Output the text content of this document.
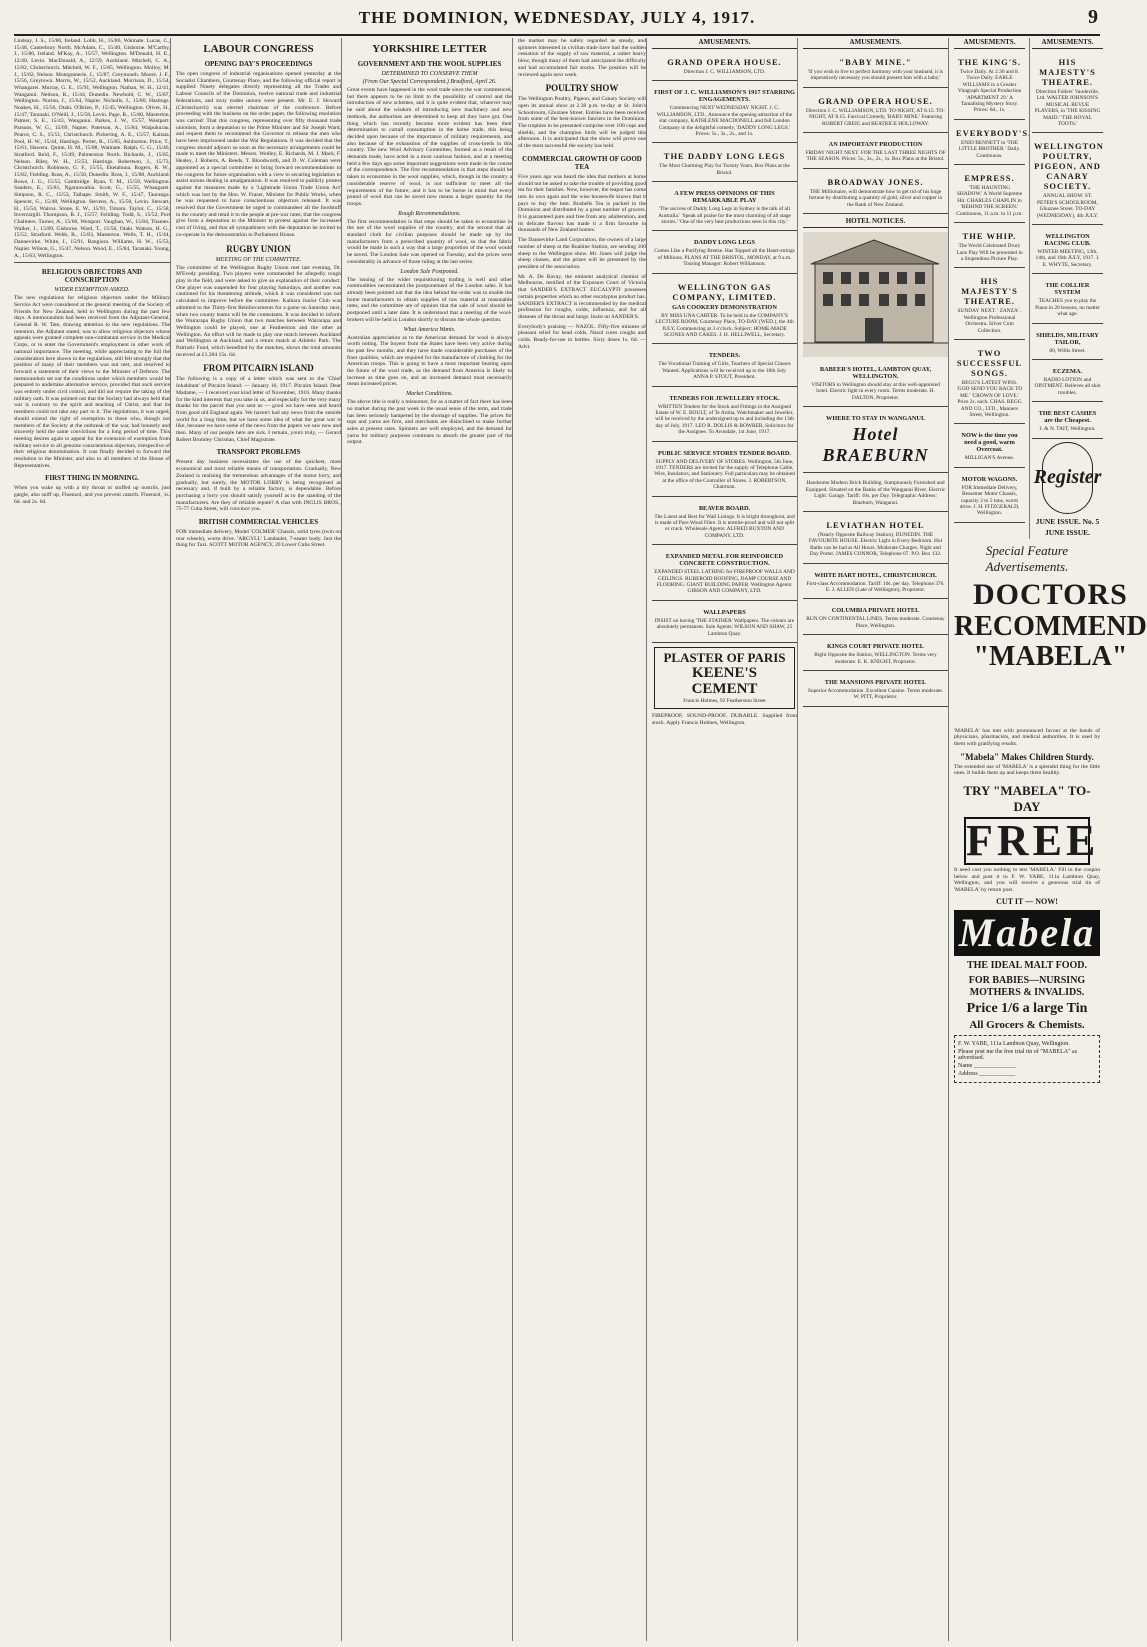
THE DOMINION, WEDNESDAY, JULY 4, 1917.	9

Lindsay, J. S., 15/80, Ireland. Lobb, H., 15/86, Waimate. Lucas, C., 15/48, Canterbury North. McAdam, C., 15/40, Gisborne. M'Carthy, J., 15/86, Ireland. M'Kay, A., 15/57, Wellington. M'Donald, H. E., 12/40, Levin. MacDonald, A., 12/59, Auckland. Mitchell, C. A., 15/82, Christchurch. Mitchell, W. F., 15/85, Wellington. Molloy, M. J., 15/62, Nelson. Montgomerie, J., 15/87, Greymouth. Moore, J. F., 15/56, Greytown. Morris, W., 15/52, Auckland. Morrison, D., 15/54, Whangarei. Murray, G. E., 15/91, Wellington. Nathan, W. H., 12/41, Wanganui. Neilson, R., 15/44, Dunedin. Newbold, C. W., 15/87, Wellington. Norton, J., 15/64, Napier. Nicholls, J., 15/80, Hastings. Noakes, H., 15/56, Otaki. O'Brien, P., 15/45, Wellington. Oliver, H., 15/47, Taranaki. O'Neill, J., 15/58, Levin. Page, R., 15/60, Masterton. Palmer, S. E., 15/43, Wanganui. Parkes, J. W., 15/57, Westport. Parsons, W. G., 15/69, Napier. Paterson, A., 15/84, Waipukurau. Pearce, C. S., 15/51, Christchurch. Pickering, A. E., 15/57, Kaitaia. Pool, H. W., 15/44, Hastings. Porter, R., 15/65, Ashburton. Price, T., 15/61, Hawera. Quinn, H. M., 15/88, Waimate. Ralph, C. G., 15/46, Stratford. Reid, F., 15/49, Palmerston North. Richards, J., 15/85, Nelson. Riley, W. H., 15/53, Hastings. Robertson, J., 15/73, Christchurch. Robinson, G. F., 15/55, Eketahuna. Rogers, R. W., 15/82, Fielding. Ross, A., 15/50, Dunedin. Ross, J., 15/88, Auckland. Rowe, J. G., 15/55, Cambridge. Ryan, T. M., 15/59, Wellington. Sanders, E., 15/81, Ngaruawahia. Scott, G., 15/55, Whangarei. Simpson, R. C., 15/53, Taihape. Smith, W. F., 15/47, Tauranga. Spencer, G., 15/48, Wellington. Stevens, A., 15/50, Levin. Stewart, H., 15/54, Wairoa. Stone, E. W., 15/91, Timaru. Taylor, C., 15/58, Invercargill. Thompson, R. J., 15/57, Feilding. Todd, S., 15/52, Port Chalmers. Turner, A., 15/60, Westport. Vaughan, W., 15/84, Thames. Walker, J., 15/89, Gisborne. Ward, T., 15/56, Otaki. Watson, H. G., 15/52, Stratford. Webb, R., 15/83, Masterton. Wells, T. H., 15/44, Dannevirke. White, J., 15/91, Rangiora. Williams, H. W., 15/53, Napier. Wilson, G., 15/47, Nelson. Wood, E., 15/84, Taranaki. Young, A., 15/63, Wellington.

RELIGIOUS OBJECTORS AND CONSCRIPTION
WIDER EXEMPTION ASKED.

The new regulations for religious objectors under the Military Service Act were considered at the general meeting of the Society of Friends for New Zealand, held in Wellington during the past few days. A memorandum had been received from the Adjutant-General, General R. W. Tate, drawing attention to the new regulations. The intention, the Adjutant stated, was to allow religious objectors whose appeals were granted complete non-combatant service in the Medical Corps, or to enter the Government's employment in other work of national importance. The meeting, while appreciating to the full the consideration here shown in the regulations, still felt strongly that the position of many of their members was not met, and resolved to forward a statement of their views to the Minister of Defence. The memorandum set out the conditions under which members would be prepared to undertake alternative service, provided that such service was entirely under civil control, and did not require the taking of the military oath. It was pointed out that the Society had always held that war is contrary to the spirit and teaching of Christ, and that its members could not take any part in it. The regulations, it was urged, should extend the right of exemption to those who, though not members of the Society at the outbreak of the war, had honestly and sincerely held the same convictions for a long period of time. This meeting desires again to appeal for the extension of exemption from military service to all genuine conscientious objectors, irrespective of their religious denomination. It was finally decided to forward the resolution to the Minister, and also to all members of the House of Representatives.

FIRST THING IN MORNING.

When you wake up with a dry throat or stuffed up nostrils, just gargle, also sniff up, Fluenzol, and you prevent catarrh. Fluenzol, 1s. 6d. and 2s. 6d.

LABOUR CONGRESS
OPENING DAY'S PROCEEDINGS

The open congress of industrial organisations opened yesterday at the Socialist Chambers, Courtenay Place, and the following official report is supplied: Ninety delegates directly representing all the Trades and Labour Councils of the Dominion, twelve national trade and industrial federations, and sixty trades unions were present. Mr. E. J. Howard (Christchurch) was elected chairman of the conference. Before proceeding with the business on the order paper, the following resolution was carried: That this congress, representing over fifty thousand trade unionists, form a deputation to the Prime Minister and Sir Joseph Ward, and request them to recommend the Governor to release the men who have been imprisoned under the War Regulations. It was decided that the congress should adjourn so soon as the necessary arrangements could be made to meet the Ministers. Messrs. Wedley, E. Richards, M. J. Mack, F. Healey, J. Roberts, A. Reeds, T. Bloodworth, and D. W. Coleman were appointed as a special committee to bring forward recommendations to the congress for future organisation with a view to securing legislation to assist unions dealing in amalgamation. It was resolved to publicly protest against the measures made by a 'Lighttrade Union Trade Union Act' which was lost by the Hon. W. Fraser, Minister for Public Works, when he was requested to have conscientious objectors released. It was resolved that the Government be urged to commandeer all the foodstuff in the country and retail it to the people at pre-war rates; that the congress give form a deputation to the Minister to protest against the increased cost of living, and that all sympathisers with the deputation be invited to co-operate in the demonstration to Parliament House.

RUGBY UNION
MEETING OF THE COMMITTEE.

The committee of the Wellington Rugby Union met last evening, Dr. M'Evedy presiding. Two players were commended for allegedly rough play in the field, and were asked to give an explanation of their conduct. One player was suspended for four playing Saturdays, and another was cautioned for his threatening attitude, which it was considered was not calculated to improve before the committee. Kaihara Junior Club was admitted to the Thirty-first Reinforcements for a game on Saturday next, when two county teams will be the contestants. It was decided to inform the Wairarapa Rugby Union that two matches between Wairarapa and Wellington could be played, one at Featherston and the other at Wellington. An effort will be made to play one match between Auckland and Wellington at Auckland, and a return match at Athletic Park. The Patriotic Fund, which benefited by the matches, shows the total amounts received at £1,304 15s. 6d.

FROM PITCAIRN ISLAND

The following is a copy of a letter which was sent to the 'Chief Inhabitant' of Pitcairn Island: — January 16, 1917. Pitcairn Island. Dear Madame, — I received your kind letter of November, 1916. Many thanks for the kind interests that you take in us, and especially for the very many thanks for the parcel that you sent us — good we have seen and heard from good old England again. We haven't had any news from the outside world for a long time, but we have some idea of what the great war is like, because we have some of the news from the papers we saw now and then. Many of our people here are sick. I remain, yours truly, — Gerard Robert Bromley Christian, Chief Magistrate.

TRANSPORT PROBLEMS

Present day business necessitates the use of the quickest, most economical and most reliable means of transportation. Gradually, New Zealand is realising the tremendous advantages of the motor lorry, and gradually, but surely, the MOTOR LORRY is being recognised as necessary and, if built by a reliable factory, is dependable. Before purchasing a lorry you should satisfy yourself as to the standing of the manufacturers. Are they of reliable repute? A chat with INGLIS BROS., 75-77 Cuba Street, will convince you.

BRITISH COMMERCIAL VEHICLES

FOR immediate delivery, Model 'COLMER' Chassis, solid tyres (twin on rear wheels), worm drive. 'ARGYLL' Landaulet, 7-seater body. Just the thing for Taxi. SCOTT MOTOR AGENCY, 20 Lower Cuba Street.

YORKSHIRE LETTER
GOVERNMENT AND THE WOOL SUPPLIES
DETERMINED TO CONSERVE THEM
(From Our Special Correspondent.) Bradford, April 26.

Great events have happened in the wool trade since the war commenced, but there appears to be no limit to the possibility of control and the introduction of new schemes, and it is quite evident that, whatever may be said about the wisdom of introducing new machinery and new methods, the authorities are determined to keep all they have got. One thing which has recently become more evident has been their determination to curtail consumption in the home trade, this being decided upon because of the importance of military requirements, and also because of the exhaustion of the supplies of cross-breds in this country. The new Wool Advisory Committee, formed as a result of the demands made, have acted in a most cautious fashion, and at a meeting held a few days ago some important suggestions were made in the course of the correspondence. The first recommendation is that steps should be taken to economise in the wool supplies, which, though in the country a considerable reserve of wool, is not sufficient to meet all the requirements of the future; and it has to be borne in mind that every pound of wool that can be saved now means a larger quantity for the troops.

Rough Recommendations.

The first recommendation is that steps should be taken to economise in the use of the wool supplies of the country, and the second that all standard cloth for civilian purposes should be made up by the manufacturers from a prescribed quantity of wool, so that the fabric would be made in such a way that a large proportion of the wool would be saved. The London Sale was opened on Tuesday, and the prices were considerably in advance of those ruling at the last series.

London Sale Postponed.

The issuing of the wider requisitioning trading is well and other commodities necessitated the postponement of the London sales. It has already been pointed out that the idea behind the order was to enable the home manufacturers to obtain supplies of raw material at reasonable rates, and the committee are of opinion that the sale of wool should be postponed until a later date. It is understood that a meeting of the wool-brokers will be held in London shortly to discuss the whole question.

What America Wants.

Australian appreciation as to the American demand for wool is always worth noting. The buyers from the States have been very active during the past few months, and they have made considerable purchases of the finer qualities, which are required for the manufacture of clothing for the American troops. This is going to have a most important bearing upon the future of the wool trade, as the demand from America is likely to increase as time goes on, and an increased demand must necessarily mean increased prices.

Market Conditions.

The above title is really a misnomer, for as a matter of fact there has been no market during the past week in the usual sense of the term, and trade has been seriously hampered by the shortage of supplies. The prices for tops and yarns are firm, and merchants are disinclined to make further sales at present rates. Spinners are well employed, and the demand for yarns for military purposes continues to absorb the greater part of the output.

the market may be safely regarded as steady, and spinners interested in civilian trade have had the sudden cessation of the supply of raw material, a rather heavy blow, though many of them had anticipated the difficulty and had accumulated fair stocks. The position will be reviewed again next week.

POULTRY SHOW

The Wellington Poultry, Pigeon, and Canary Society will open its annual show at 2.30 p.m. to-day at St. John's Schoolroom, Ghuznee Street. Entries have been received from some of the best-known fanciers in the Dominion. The trophies to be presented comprise over 100 cups and shields, and the champion birds will be judged this afternoon. It is anticipated that the show will prove one of the most successful the society has held.

COMMERCIAL GROWTH OF GOOD TEA

Five years ago was heard the idea that mothers at home should not be asked to take the trouble of providing good tea for their families. Now, however, the teapot has come into its own again and the wise housewife knows that it pays to buy the best. Bushells Tea is packed in the Dominion and distributed by a great number of grocers. It is guaranteed pure and free from any adulteration, and its delicate flavour has made it a firm favourite in thousands of New Zealand homes.

The Dannevirke Land Corporation, the owners of a large number of sheep at the Ruahine Station, are sending 100 sheep to the Wellington show. Mr. Jones will judge the sheep classes, and the prizes will be presented by the president of the association.

Mr. A. De Bavay, the eminent analytical chemist of Melbourne, testified of the Exposure Court of Victoria that SANDER'S EXTRACT EUCALYPTI possesses certain properties which no other eucalyptus product has. SANDER'S EXTRACT is recommended by the medical profession for coughs, colds, influenza, and for all diseases of the throat and lungs. Insist on SANDER'S.

Everybody's praising — NAZOL. Fifty-five minutes of pleasant relief for head colds. Nazol cures coughs and colds. Ready-for-use in bottles. Sixty doses 1s. 6d. — Advt.

AMUSEMENTS.
GRAND OPERA HOUSE.
Direction J. C. WILLIAMSON, LTD.
FIRST OF J. C. WILLIAMSON'S 1917 STARRING ENGAGEMENTS.
Commencing NEXT WEDNESDAY NIGHT. J. C. WILLIAMSON, LTD., Announce the opening attraction of the star company, KATHLENE MACDONELL and full London Company in the delightful comedy, 'DADDY LONG LEGS.' Prices: 5s., 3s., 2s., and 1s.
THE DADDY LONG LEGS
The Most Charming Play for Twenty Years. Box Plans at the Bristol.
A FEW PRESS OPINIONS OF THIS REMARKABLE PLAY
'The success of Daddy Long Legs in Sydney is the talk of all Australia.' 'Speak all praise for the most charming of all stage stories.' 'One of the very best productions seen in this city.'
DADDY LONG LEGS
Comes Like a Purifying Breeze. Has Topped all the Heart-strings of Millions. PLANS AT THE BRISTOL, MONDAY, at 9 a.m. Touring Manager: Robert Williamson.
WELLINGTON GAS COMPANY, LIMITED.
GAS COOKERY DEMONSTRATION
BY MISS UNA CARTER. To be held in the COMPANY'S LECTURE ROOM, Courtenay Place, TO-DAY (WED.), the 4th JULY, Commencing at 3 o'clock. Subject: HOME-MADE SCONES AND CAKES. J. H. HELLIWELL, Secretary.
TENDERS.
The Vocational Training of Girls, Teachers of Special Classes Wanted. Applications will be received up to the 10th July. ANNA P. STOUT, President.
TENDERS FOR JEWELLERY STOCK.
WRITTEN Tenders for the Stock and Fittings in the Assigned Estate of W. E. BOULT, of Te Aroha, Watchmaker and Jeweller, will be received by the undersigned up to and including the 13th day of July, 1917. LEO R. DOLLIS & BOWRER, Solicitors for the Assignee. To Avondale, 1st June, 1917.
PUBLIC SERVICE STORES TENDER BOARD.
SUPPLY AND DELIVERY OF STORES. Wellington, 5th June, 1917. TENDERS are invited for the supply of Telephone Cable, Wire, Insulators, and Stationery. Full particulars may be obtained at the office of the Controller of Stores. J. ROBERTSON, Chairman.
BEAVER BOARD.
The Latest and Best for Wall Linings. It is bright throughout, and is made of Pure Wood Fibre. It is termite-proof and will not split or crack. Wholesale Agents: ALFRED BUXTON AND COMPANY, LTD.
EXPANDED METAL FOR REINFORCED CONCRETE CONSTRUCTION.
EXPANDED STEEL LATHING for FIREPROOF WALLS AND CEILINGS. RUBEROID ROOFING, DAMP COURSE AND FLOORING. GIANT BUILDING PAPER. Wellington Agents: GIBSON AND COMPANY, LTD.
WALLPAPERS
INSIST on having 'THE STATHER' Wallpapers. The colours are absolutely permanent. Sole Agents: WILSON AND SHAW, 25 Lambton Quay.
PLASTER OF PARIS
KEENE'S
CEMENT
Francis Holmes, 92 Featherston Street

FIREPROOF, SOUND-PROOF, DURABLE. Supplied from stock. Apply Francis Holmes, Wellington.

AMUSEMENTS.
"BABY MINE."
'If you wish to live to perfect harmony with your husband, it is imperatively necessary you should present him with a baby.'
GRAND OPERA HOUSE.
Direction J. C. WILLIAMSON, LTD. TO-NIGHT, AT 8.15. TO-NIGHT, AT 8.15. Farcical Comedy, 'BABY MINE.' Featuring ROBERT GREIG and BEATRICE HOLLOWAY.
AN IMPORTANT PRODUCTION
FRIDAY NIGHT NEXT. FOR THE LAST THREE NIGHTS OF THE SEASON. Prices: 5s., 3s., 2s., 1s. Box Plans at the Bristol.
BROADWAY JONES.
THE Millionaire, will demonstrate how to get rid of his huge fortune by distributing a quantity of gold, silver and copper in the Bank of New Zealand.
HOTEL NOTICES.
BABEER'S HOTEL, LAMBTON QUAY, WELLINGTON.
VISITORS to Wellington should stay at this well-appointed hotel. Electric light in every room. Terms moderate. H. DALTON, Proprietor.
WHERE TO STAY IN WANGANUI.
Hotel BRAEBURN
Handsome Modern Brick Building. Sumptuously Furnished and Equipped. Situated on the Banks of the Wanganui River. Electric Light. Garage. Tariff: 10s. per Day. Telegraphic Address: Braeburn, Wanganui.
LEVIATHAN HOTEL
(Nearly Opposite Railway Station), DUNEDIN. THE FAVOURITE HOUSE. Electric Light in Every Bedroom. Hot Baths can be had at All Hours. Moderate Charges. Night and Day Porter. JAMES CONNOR, Telephone 67. P.O. Box 132.
WHITE HART HOTEL, CHRISTCHURCH.
First-class Accommodation. Tariff: 10s. per day. Telephone 376. E. J. ALLEN (Late of Wellington), Proprietor.
COLUMBIA PRIVATE HOTEL
RUN ON CONTINENTAL LINES. Terms moderate. Courtenay Place, Wellington.
KINGS COURT PRIVATE HOTEL
Right Opposite the Station, WELLINGTON. Terms very moderate. E. K. KNIGHT, Proprietor.
THE MANSIONS PRIVATE HOTEL
Superior Accommodation. Excellent Cuisine. Terms moderate. W. PITT, Proprietor.
AMUSEMENTS.
THE KING'S.
Twice Daily. At 2.30 and 8. Twice Daily. EARLE WILLIAMS in a Greater Vitagraph Special Production 'APARTMENT 29.' A Tantalising Mystery Story. Prices: 6d., 1s.
EVERYBODY'S.
ENID BENNETT in 'THE LITTLE BROTHER.' Daily. Continuous.
EMPRESS.
'THE HAUNTING SHADOW.' A World Supreme Hit. CHARLES CHAPLIN in 'BEHIND THE SCREEN.' Continuous, 11 a.m. to 11 p.m.
THE WHIP.
The World Celebrated Drury Lane Play Will be presented in a Stupendous Picture Play.
HIS MAJESTY'S THEATRE.
SUNDAY NEXT. ' ZANZA' . Wellington Professional Orchestra. Silver Coin Collection.
TWO SUCCESSFUL SONGS.
BEGG'S LATEST WINS. 'GOD SEND YOU BACK TO ME.' 'CROWN OF LOVE.' Price 2s. each. CHAS. BEGG AND CO., LTD., Manners Street, Wellington.
NOW is the time you need a good, warm Overcoat.
MILLIGAN'S Avenue.
MOTOR WAGONS.
FOR Immediate Delivery, Bessemer Motor Chassis, capacity 2 to 5 tons, worm drive. J. H. FITZGERALD, Wellington.
AMUSEMENTS.
HIS MAJESTY'S THEATRE.
Direction Fullers' Vaudeville, Ltd. WALTER JOHNSON'S MUSICAL REVUE PLAYERS, in 'THE KISSING MAID.' 'THE ROYAL TOOTS.'
WELLINGTON POULTRY, PIGEON, AND CANARY SOCIETY.
ANNUAL SHOW. ST. PETER'S SCHOOLROOM, Ghuznee Street. TO-DAY (WEDNESDAY), 4th JULY.
WELLINGTON RACING CLUB.
WINTER MEETING, 13th, 14th, and 16th JULY, 1917. J. E. WHYTE, Secretary.
THE COLLIER SYSTEM
TEACHES you to play the Piano in 20 lessons, no matter what age.
SHIELDS, MILITARY TAILOR,
80, Willis Street.
ECZEMA.
RADIO LOTION and OINTMENT. Relieves all skin troubles.
THE BEST CASHES are the Cheapest.
J. & N. TAIT, Wellington.
Register
JUNE ISSUE. No. 5
JUNE ISSUE.
Special Feature Advertisements.
DOCTORS
RECOMMEND
"MABELA"

'MABELA' has met with pronounced favour at the hands of physicians, pharmacists, and medical authorities. It is used by them with gratifying results.

"Mabela" Makes Children Sturdy.

The extended use of 'MABELA' is a splendid thing for the little ones. It builds them up and keeps them healthy.

TRY "MABELA" TO-DAY
FREE

It need cost you nothing to test 'MABELA.' Fill in the coupon below and post it to F. W. YABE, 111a Lambton Quay, Wellington, and you will receive a generous trial tin of 'MABELA' by return post.

CUT IT — NOW!
Mabela
THE IDEAL MALT FOOD.
FOR BABIES—NURSING MOTHERS & INVALIDS.
Price 1/6 a large Tin
All Grocers & Chemists.
F. W. YABE, 111a Lambton Quay, Wellington.
Please post me the free trial tin of "MABELA" as advertised.
Name ______________
Address ____________
